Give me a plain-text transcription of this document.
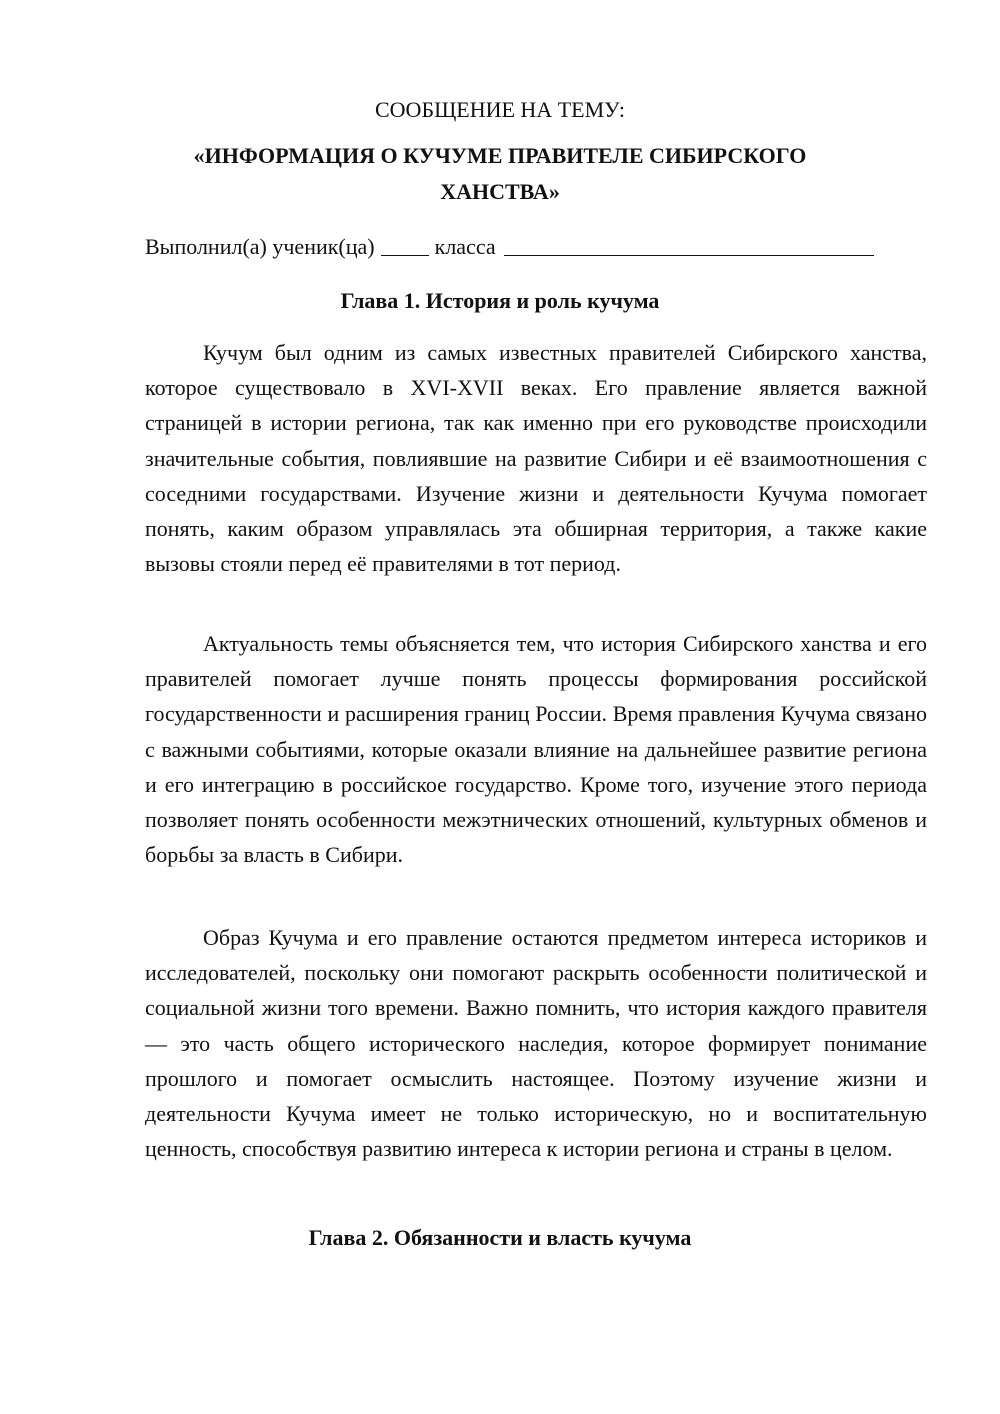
СООБЩЕНИЕ НА ТЕМУ:
«ИНФОРМАЦИЯ О КУЧУМЕ ПРАВИТЕЛЕ СИБИРСКОГО
ХАНСТВА»
Выполнил(а) ученик(ца)	класса
Глава 1. История и роль кучума

Кучум был одним из самых известных правителей Сибирского ханства, которое существовало в XVI-XVII веках. Его правление является важной страницей в истории региона, так как именно при его руководстве происходили значительные события, повлиявшие на развитие Сибири и её взаимоотношения с соседними государствами. Изучение жизни и деятельности Кучума помогает понять, каким образом управлялась эта обширная территория, а также какие вызовы стояли перед её правителями в тот период.

Актуальность темы объясняется тем, что история Сибирского ханства и его правителей помогает лучше понять процессы формирования российской государственности и расширения границ России. Время правления Кучума связано с важными событиями, которые оказали влияние на дальнейшее развитие региона и его интеграцию в российское государство. Кроме того, изучение этого периода позволяет понять особенности межэтнических отношений, культурных обменов и борьбы за власть в Сибири.

Образ Кучума и его правление остаются предметом интереса историков и исследователей, поскольку они помогают раскрыть особенности политической и социальной жизни того времени. Важно помнить, что история каждого правителя — это часть общего исторического наследия, которое формирует понимание прошлого и помогает осмыслить настоящее. Поэтому изучение жизни и деятельности Кучума имеет не только историческую, но и воспитательную ценность, способствуя развитию интереса к истории региона и страны в целом.

Глава 2. Обязанности и власть кучума
